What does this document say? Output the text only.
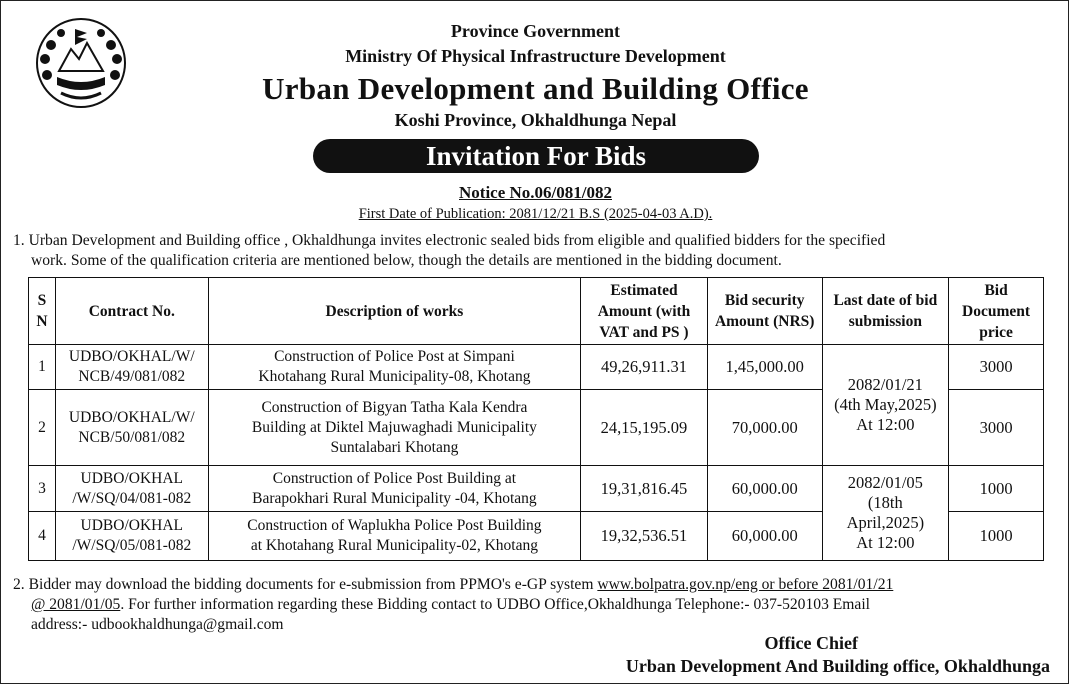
Province Government
Ministry Of Physical Infrastructure Development
Urban Development and Building Office
Koshi Province, Okhaldhunga Nepal
Invitation For Bids
Notice No.06/081/082
First Date of Publication: 2081/12/21 B.S (2025-04-03 A.D).
1. Urban Development and Building office , Okhaldhunga invites electronic sealed bids from eligible and qualified bidders for the specified
work. Some of the qualification criteria are mentioned below, though the details are mentioned in the bidding document.
S N	Contract No.	Description of works	Estimated Amount (with VAT and PS )	Bid security Amount (NRS)	Last date of bid submission	Bid Document price
1	UDBO/OKHAL/W/
NCB/49/081/082	Construction of Police Post at Simpani
Khotahang Rural Municipality-08, Khotang	49,26,911.31	1,45,000.00	2082/01/21
(4th May,2025)
At 12:00	3000
2	UDBO/OKHAL/W/
NCB/50/081/082	Construction of Bigyan Tatha Kala Kendra
Building at Diktel Majuwaghadi Municipality
Suntalabari Khotang	24,15,195.09	70,000.00		3000
3	UDBO/OKHAL
/W/SQ/04/081-082	Construction of Police Post Building at
Barapokhari Rural Municipality -04, Khotang	19,31,816.45	60,000.00	2082/01/05
(18th
April,2025)
At 12:00	1000
4	UDBO/OKHAL
/W/SQ/05/081-082	Construction of Waplukha Police Post Building
at Khotahang Rural Municipality-02, Khotang	19,32,536.51	60,000.00		1000
2. Bidder may download the bidding documents for e-submission from PPMO's e-GP system www.bolpatra.gov.np/eng or before 2081/01/21
@ 2081/01/05. For further information regarding these Bidding contact to UDBO Office,Okhaldhunga Telephone:- 037-520103 Email
address:- udbookhaldhunga@gmail.com
Office Chief
Urban Development And Building office, Okhaldhunga
